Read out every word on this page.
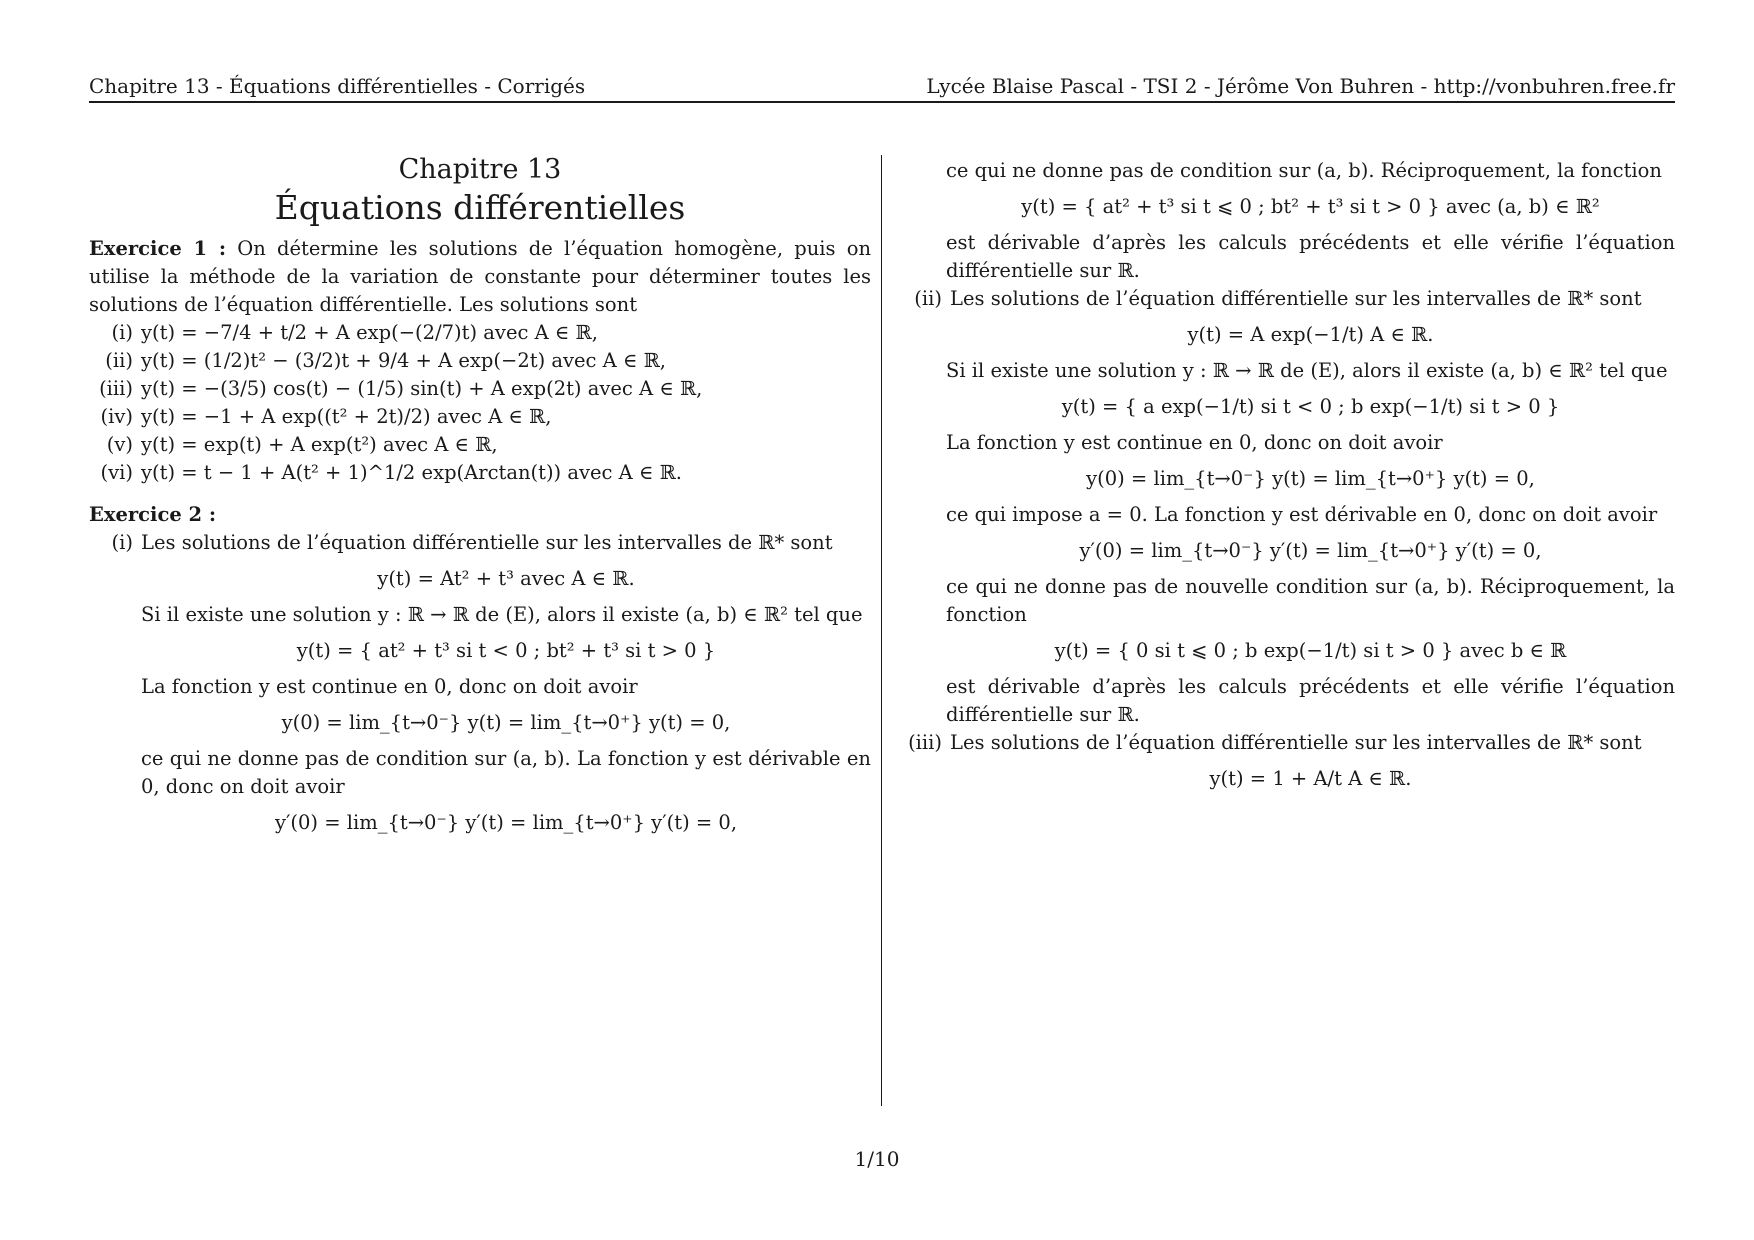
Chapitre 13 - Équations différentielles - Corrigés	Lycée Blaise Pascal - TSI 2 - Jérôme Von Buhren - http://vonbuhren.free.fr
Chapitre 13
Équations différentielles
Exercice 1 : On détermine les solutions de l’équation homogène, puis on utilise la méthode de la variation de constante pour déterminer toutes les solutions de l’équation différentielle. Les solutions sont
(i) y(t) = −7/4 + t/2 + A exp(−(2/7)t) avec A ∈ ℝ,
(ii) y(t) = (1/2)t² − (3/2)t + 9/4 + A exp(−2t) avec A ∈ ℝ,
(iii) y(t) = −(3/5) cos(t) − (1/5) sin(t) + A exp(2t) avec A ∈ ℝ,
(iv) y(t) = −1 + A exp((t² + 2t)/2) avec A ∈ ℝ,
(v) y(t) = exp(t) + A exp(t²) avec A ∈ ℝ,
(vi) y(t) = t − 1 + A(t² + 1)^1/2 exp(Arctan(t)) avec A ∈ ℝ.
Exercice 2 :
(i) Les solutions de l’équation différentielle sur les intervalles de ℝ* sont
y(t) = At² + t³ avec A ∈ ℝ.
Si il existe une solution y : ℝ → ℝ de (E), alors il existe (a, b) ∈ ℝ² tel que
y(t) = { at² + t³ si t < 0 ; bt² + t³ si t > 0 }
La fonction y est continue en 0, donc on doit avoir
y(0) = lim_{t→0⁻} y(t) = lim_{t→0⁺} y(t) = 0,
ce qui ne donne pas de condition sur (a, b). La fonction y est dérivable en 0, donc on doit avoir
y′(0) = lim_{t→0⁻} y′(t) = lim_{t→0⁺} y′(t) = 0,
ce qui ne donne pas de condition sur (a, b). Réciproquement, la fonction
y(t) = { at² + t³ si t ⩽ 0 ; bt² + t³ si t > 0 } avec (a, b) ∈ ℝ²
est dérivable d’après les calculs précédents et elle vérifie l’équation différentielle sur ℝ.
(ii) Les solutions de l’équation différentielle sur les intervalles de ℝ* sont
y(t) = A exp(−1/t) A ∈ ℝ.
Si il existe une solution y : ℝ → ℝ de (E), alors il existe (a, b) ∈ ℝ² tel que
y(t) = { a exp(−1/t) si t < 0 ; b exp(−1/t) si t > 0 }
La fonction y est continue en 0, donc on doit avoir
y(0) = lim_{t→0⁻} y(t) = lim_{t→0⁺} y(t) = 0,
ce qui impose a = 0. La fonction y est dérivable en 0, donc on doit avoir
y′(0) = lim_{t→0⁻} y′(t) = lim_{t→0⁺} y′(t) = 0,
ce qui ne donne pas de nouvelle condition sur (a, b). Réciproquement, la fonction
y(t) = { 0 si t ⩽ 0 ; b exp(−1/t) si t > 0 } avec b ∈ ℝ
est dérivable d’après les calculs précédents et elle vérifie l’équation différentielle sur ℝ.
(iii) Les solutions de l’équation différentielle sur les intervalles de ℝ* sont
y(t) = 1 + A/t A ∈ ℝ.
1/10
